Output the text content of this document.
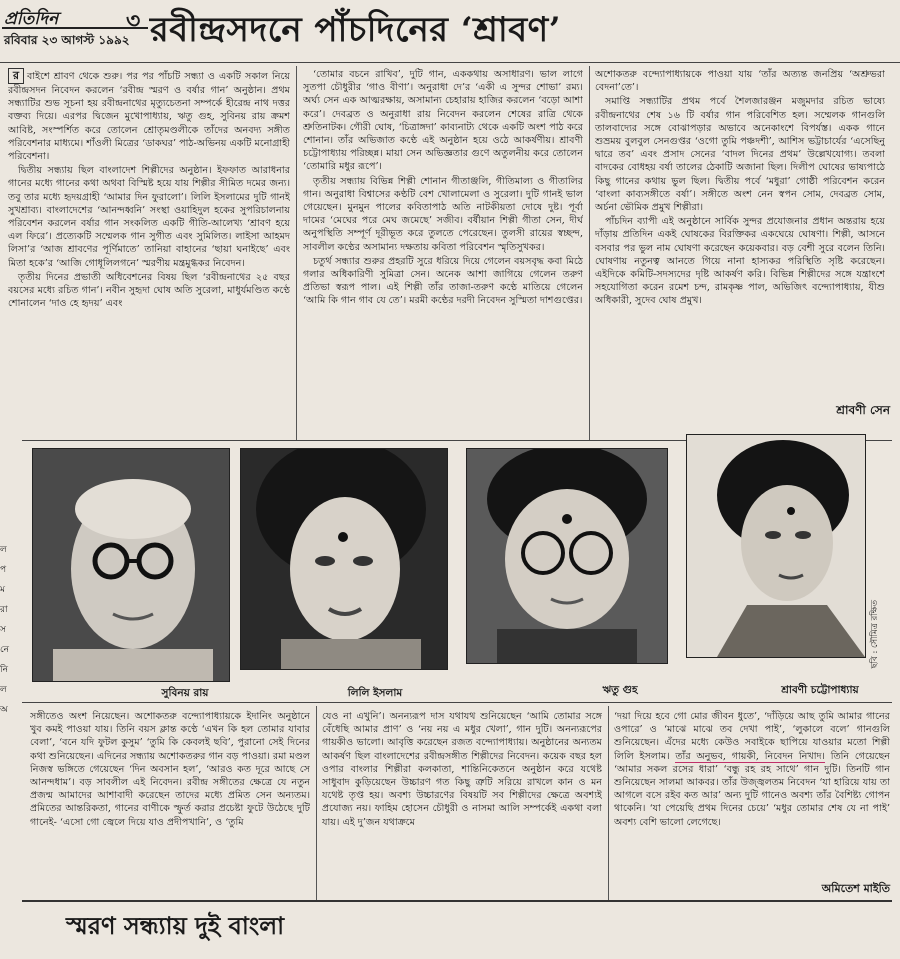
প্রতিদিন	৩
রবিবার ২৩ আগস্ট ১৯৯২ রবীন্দ্রসদনে পাঁচদিনের ‘শ্রাবণ’

র বাইশে শ্রাবণ থেকে শুরু। পর পর পাঁচটি সন্ধ্যা ও একটি সকাল নিয়ে রবীন্দ্রসদন নিবেদন করলেন ‘রবীন্দ্র স্মরণ ও বর্ষার গান’ অনুষ্ঠান। প্রথম সন্ধ্যাটির শুভ সূচনা হয় রবীন্দ্রনাথের মৃত্যুচেতনা সম্পর্কে হীরেন্দ্র নাথ দত্তর বক্তব্য দিয়ে। এরপর দ্বিজেন মুখোপাধ্যায়, ঋতু গুহ, সুবিনয় রায় ক্রমশ আবিষ্ট, সংস্পর্শিত করে তোলেন শ্রোতৃমণ্ডলীকে তাঁদের অনবদ্য সঙ্গীত পরিবেশনার মাধ্যমে। শাঁওলী মিত্রের ‘ডাকঘর’ পাঠ-অভিনয় একটি মনোগ্রাহী পরিবেশনা।

দ্বিতীয় সন্ধ্যায় ছিল বাংলাদেশ শিল্পীদের অনুষ্ঠান। ইফফাত আরাধনার গানের মধ্যে গানের কথা অথবা বিস্মিষ্ট হয়ে যায় শিল্পীর সীমিত দমের জন্য। তবু তার মধ্যে হৃদয়গ্রাহী ‘আমার দিন ফুরালো’। লিলি ইসলামের দুটি গানই সুখশ্রাব্য। বাংলাদেশের ‘আনন্দধ্বনি’ সংস্থা ওয়াহিদুল হকের সুপরিচালনায় পরিবেশন করলেন বর্ষার গান সংকলিত একটি গীতি-আলেখ্য ‘শ্রাবণ হয়ে এল ফিরে’। প্রত্যেকটি সম্মেলক গান সুগীত এবং সুমিলিত। লাইসা আহমদ লিসা’র ‘আজ শ্রাবণের পূর্ণিমাতে’ তানিয়া বাহানের ‘ছায়া ঘনাইছে’ এবং মিতা হকে’র ‘আজি গোধূলিলগনে’ স্মরণীয় মন্ত্রমুগ্ধকর নিবেদন।

তৃতীয় দিনের প্রভাতী অধিবেশনের বিষয় ছিল ‘রবীন্দ্রনাথের ২৫ বছর বয়সের মধ্যে রচিত গান’। নবীন সুহৃদা ঘোষ অতি সুরেলা, মাধুর্যমণ্ডিত কণ্ঠে শোনালেন ‘দাও হে হৃদয়’ এবং

‘তোমার বচনে রাখিব’, দুটি গান, এককথায় অসাধারণ। ভাল লাগে সুতপা চৌধুরীর ‘গাও বীণা’। অনুরাধা দে’র ‘একী এ সুন্দর শোভা’ রম্য। অর্ঘ্য সেন এক আত্মরক্ষায়, অসামান্য চেহারায় হাজির করলেন ‘বড়ো আশা করে’। দেবব্রত ও অনুরাধা রায় নিবেদন করলেন শেষের রাত্রি থেকে শ্রুতিনাটক। গৌরী ঘোষ, ‘চিত্রাঙ্গদা’ কাব্যনাট্য থেকে একটি অংশ পাঠ করে শোনান। তাঁর অভিজাত কণ্ঠে এই অনুষ্ঠান হয়ে ওঠে আকর্ষণীয়। শ্রাবণী চট্টোপাধ্যায় পরিচ্ছন্ন। মায়া সেন অভিজ্ঞতার গুণে অতুলনীয় করে তোলেন ‘তোমারি মধুর রূপে’।

তৃতীয় সন্ধ্যায় বিভিন্ন শিল্পী শোনান গীতাঞ্জলি, গীতিমাল্য ও গীতালির গান। অনুরাধা বিশ্বাসের কণ্ঠটি বেশ খোলামেলা ও সুরেলা। দুটি গানই ভাল গেয়েছেন। মুনমুন পালের কবিতাপাঠ অতি নাটকীয়তা দোষে দুষ্ট। পূর্বা দামের ‘মেঘের পরে মেঘ জমেছে’ সজীব। বর্ষীয়ান শিল্পী গীতা সেন, দীর্ঘ অনুপস্থিতি সম্পূর্ণ দূরীভূত করে তুলতে পেরেছেন। তুলসী রায়ের স্বচ্ছন্দ, সাবলীল কণ্ঠের অসামান্য দক্ষতায় কবিতা পরিবেশন স্মৃতিসুখকর।

চতুর্থ সন্ধ্যার শুরুর প্রহরটি সুরে ধরিয়ে দিয়ে গেলেন বয়সবৃদ্ধ কবা মিঠে গলার অধিকারিণী সুমিত্রা সেন। অনেক আশা জাগিয়ে গেলেন তরুণ প্রতিভা স্বরূপ পাল। এই শিল্পী তাঁর তাজা-তরুণ কণ্ঠে মাতিয়ে গেলেন ‘আমি কি গান গাব যে তে’। মরমী কণ্ঠের দরদী নিবেদন সুস্মিতা দাশগুপ্তের।

অশোকতরু বন্দ্যোপাধ্যায়কে পাওয়া যায় ‘তাঁর অত্যন্ত জনপ্রিয় ‘অশ্রুভরা বেদনা’তে’।

সমাপ্তি সন্ধ্যাটির প্রথম পর্বে শৈলজারঞ্জন মজুমদার রচিত ভাষ্যে রবীন্দ্রনাথের শেষ ১৬ টি বর্ষার গান পরিবেশিত হল। সম্মেলক গানগুলি তালবাদ্যের সঙ্গে বোঝাপড়ার অভাবে অনেকাংশে বিপর্যস্ত। একক গানে শুভ্রময় বুলবুল সেনগুপ্তর ‘ওগো তুমি পঞ্চদশী’, আশিস ভট্টাচার্যের ‘এসেছিনু দ্বারে তব’ এবং প্রসাদ সেনের ‘বাদল দিনের প্রথম’ উল্লেখযোগ্য। তবলা বাদকের বোধহয় বর্ষা তালের ঠেকাটি অজানা ছিল। দিলীপ ঘোষের ভাষ্যপাঠে কিছু গানের কথায় ভুল ছিল। দ্বিতীয় পর্বে ‘মধুরা’ গোষ্ঠী পরিবেশন করেন ‘বাংলা কাব্যসঙ্গীতে বর্ষা’। সঙ্গীতে অংশ নেন স্বপন সোম, দেবব্রত সোম, অর্চনা ভৌমিক প্রমুখ শিল্পীরা।

পাঁচদিন ব্যাপী এই অনুষ্ঠানে সার্বিক সুন্দর প্রযোজনার প্রধান অন্তরায় হয়ে দাঁড়ায় প্রতিদিন একই ঘোষকের বিরক্তিকর একঘেয়ে ঘোষণা। শিল্পী, আসনে বসবার পর ভুল নাম ঘোষণা করেছেন কয়েকবার। বড় বেশী সুরে বলেন তিনি। ঘোষণায় নতুনত্ব আনতে গিয়ে নানা হাস্যকর পরিস্থিতি সৃষ্টি করেছেন। এইদিকে কমিটি-সদস্যদের দৃষ্টি আকর্ষণ করি। বিভিন্ন শিল্পীদের সঙ্গে যন্ত্রাংশে সহযোগিতা করেন রমেশ চন্দ, রামকৃষ্ণ পাল, অভিজিৎ বন্দ্যোপাধ্যায়, যীশু অধিকারী, সুদেব ঘোষ প্রমুখ।

শ্রাবণী সেন
ছবি : সৌমিত্র রক্ষিত
সুবিনয় রায়	লিলি ইসলাম	ঋতু গুহ	শ্রাবণী চট্টোপাধ্যায়
ল
প
ম
রা
স
নে
নি
ল
অ

সঙ্গীতেও অংশ নিয়েছেন। অশোকতরু বন্দ্যোপাধ্যায়কে ইদানিং অনুষ্ঠানে খুব কমই পাওয়া যায়। তিনি বয়স ক্লান্ত কণ্ঠে ‘এখন কি হল তোমার যাবার বেলা’, ‘বনে যদি ফুটল কুসুম’ ‘তুমি কি কেবলই ছবি’, পুরানো সেই দিনের কথা শুনিয়েছেন। এদিনের সন্ধ্যায় অশোকতরুর গান বড় পাওয়া। রমা মণ্ডল নিজস্ব ভঙ্গিতে গেয়েছেন ‘দিন অবসান হল’, ‘আরও কত দূরে আছে সে আনন্দধাম’। বড় সাবলীল এই নিবেদন। রবীন্দ্র সঙ্গীতের ক্ষেত্রে যে নতুন প্রজন্ম আমাদের আশাবাদী করেছেন তাদের মধ্যে প্রমিত সেন অন্যতম। প্রমিতের আন্তরিকতা, গানের বাণীকে স্ফুর্ত করার প্রচেষ্টা ফুটে উঠেছে দুটি গানেই- ‘এসো গো জ্বেলে দিয়ে যাও প্রদীপখানি’, ও ‘তুমি

যেও না এখুনি’। অনন্যরূপ দাস যথাযথ শুনিয়েছেন ‘আমি তোমার সঙ্গে বেঁধেছি আমার প্রাণ’ ও ‘নয় নয় এ মধুর খেলা’, গান দুটি। অনন্যরূপের গায়কীও ভালো। আবৃত্তি করেছেন রজত বন্দ্যোপাধ্যায়। অনুষ্ঠানের অন্যতম আকর্ষণ ছিল বাংলাদেশের রবীন্দ্রসঙ্গীত শিল্পীদের নিবেদন। কয়েক বছর হল ওপার বাংলার শিল্পীরা কলকাতা, শান্তিনিকেতনে অনুষ্ঠান করে যথেষ্ট সাধুবাদ কুড়িয়েছেন উচ্চারণ গত কিছু ত্রুটি সরিয়ে রাখলে কান ও মন যথেষ্ট তৃপ্ত হয়। অবশ্য উচ্চারণের বিষয়টি সব শিল্পীদের ক্ষেত্রে অবশ্যই প্রযোজ্য নয়। ফাহিম হোসেন চৌধুরী ও নাসমা আলি সম্পর্কেই একথা বলা যায়। এই দু’জন যথাক্রমে

‘দয়া দিয়ে হবে গো মোর জীবন ধুতে’, ‘দাঁড়িয়ে আছ তুমি আমার গানের ওপারে’ ও ‘মাঝে মাঝে তব দেখা পাই’, ‘লুকালে বলে’ গানগুলি শুনিয়েছেন। এঁদের মধ্যে কেউও সবাইকে ছাপিয়ে যাওয়ার মতো শিল্পী লিলি ইসলাম। তাঁর অনুভব, গায়কী, নিবেদন নিখাদ। তিনি গেয়েছেন ‘আমার সকল রসের ধারা’ ‘বন্ধু রহ রহ সাথে’ গান দুটি। তিনটি গান শুনিয়েছেন সালমা আকবর। তাঁর উজ্জ্বলতম নিবেদন ‘যা হারিয়ে যায় তা আগলে বসে রইব কত আর’ অন্য দুটি গানেও অবশ্য তাঁর বৈশিষ্ট্য গোপন থাকেনি। ‘যা পেয়েছি প্রথম দিনের চেয়ে’ ‘মধুর তোমার শেষ যে না পাই’ অবশ্য বেশি ভালো লেগেছে।

অমিতেশ মাইতি
স্মরণ সন্ধ্যায় দুই বাংলা
